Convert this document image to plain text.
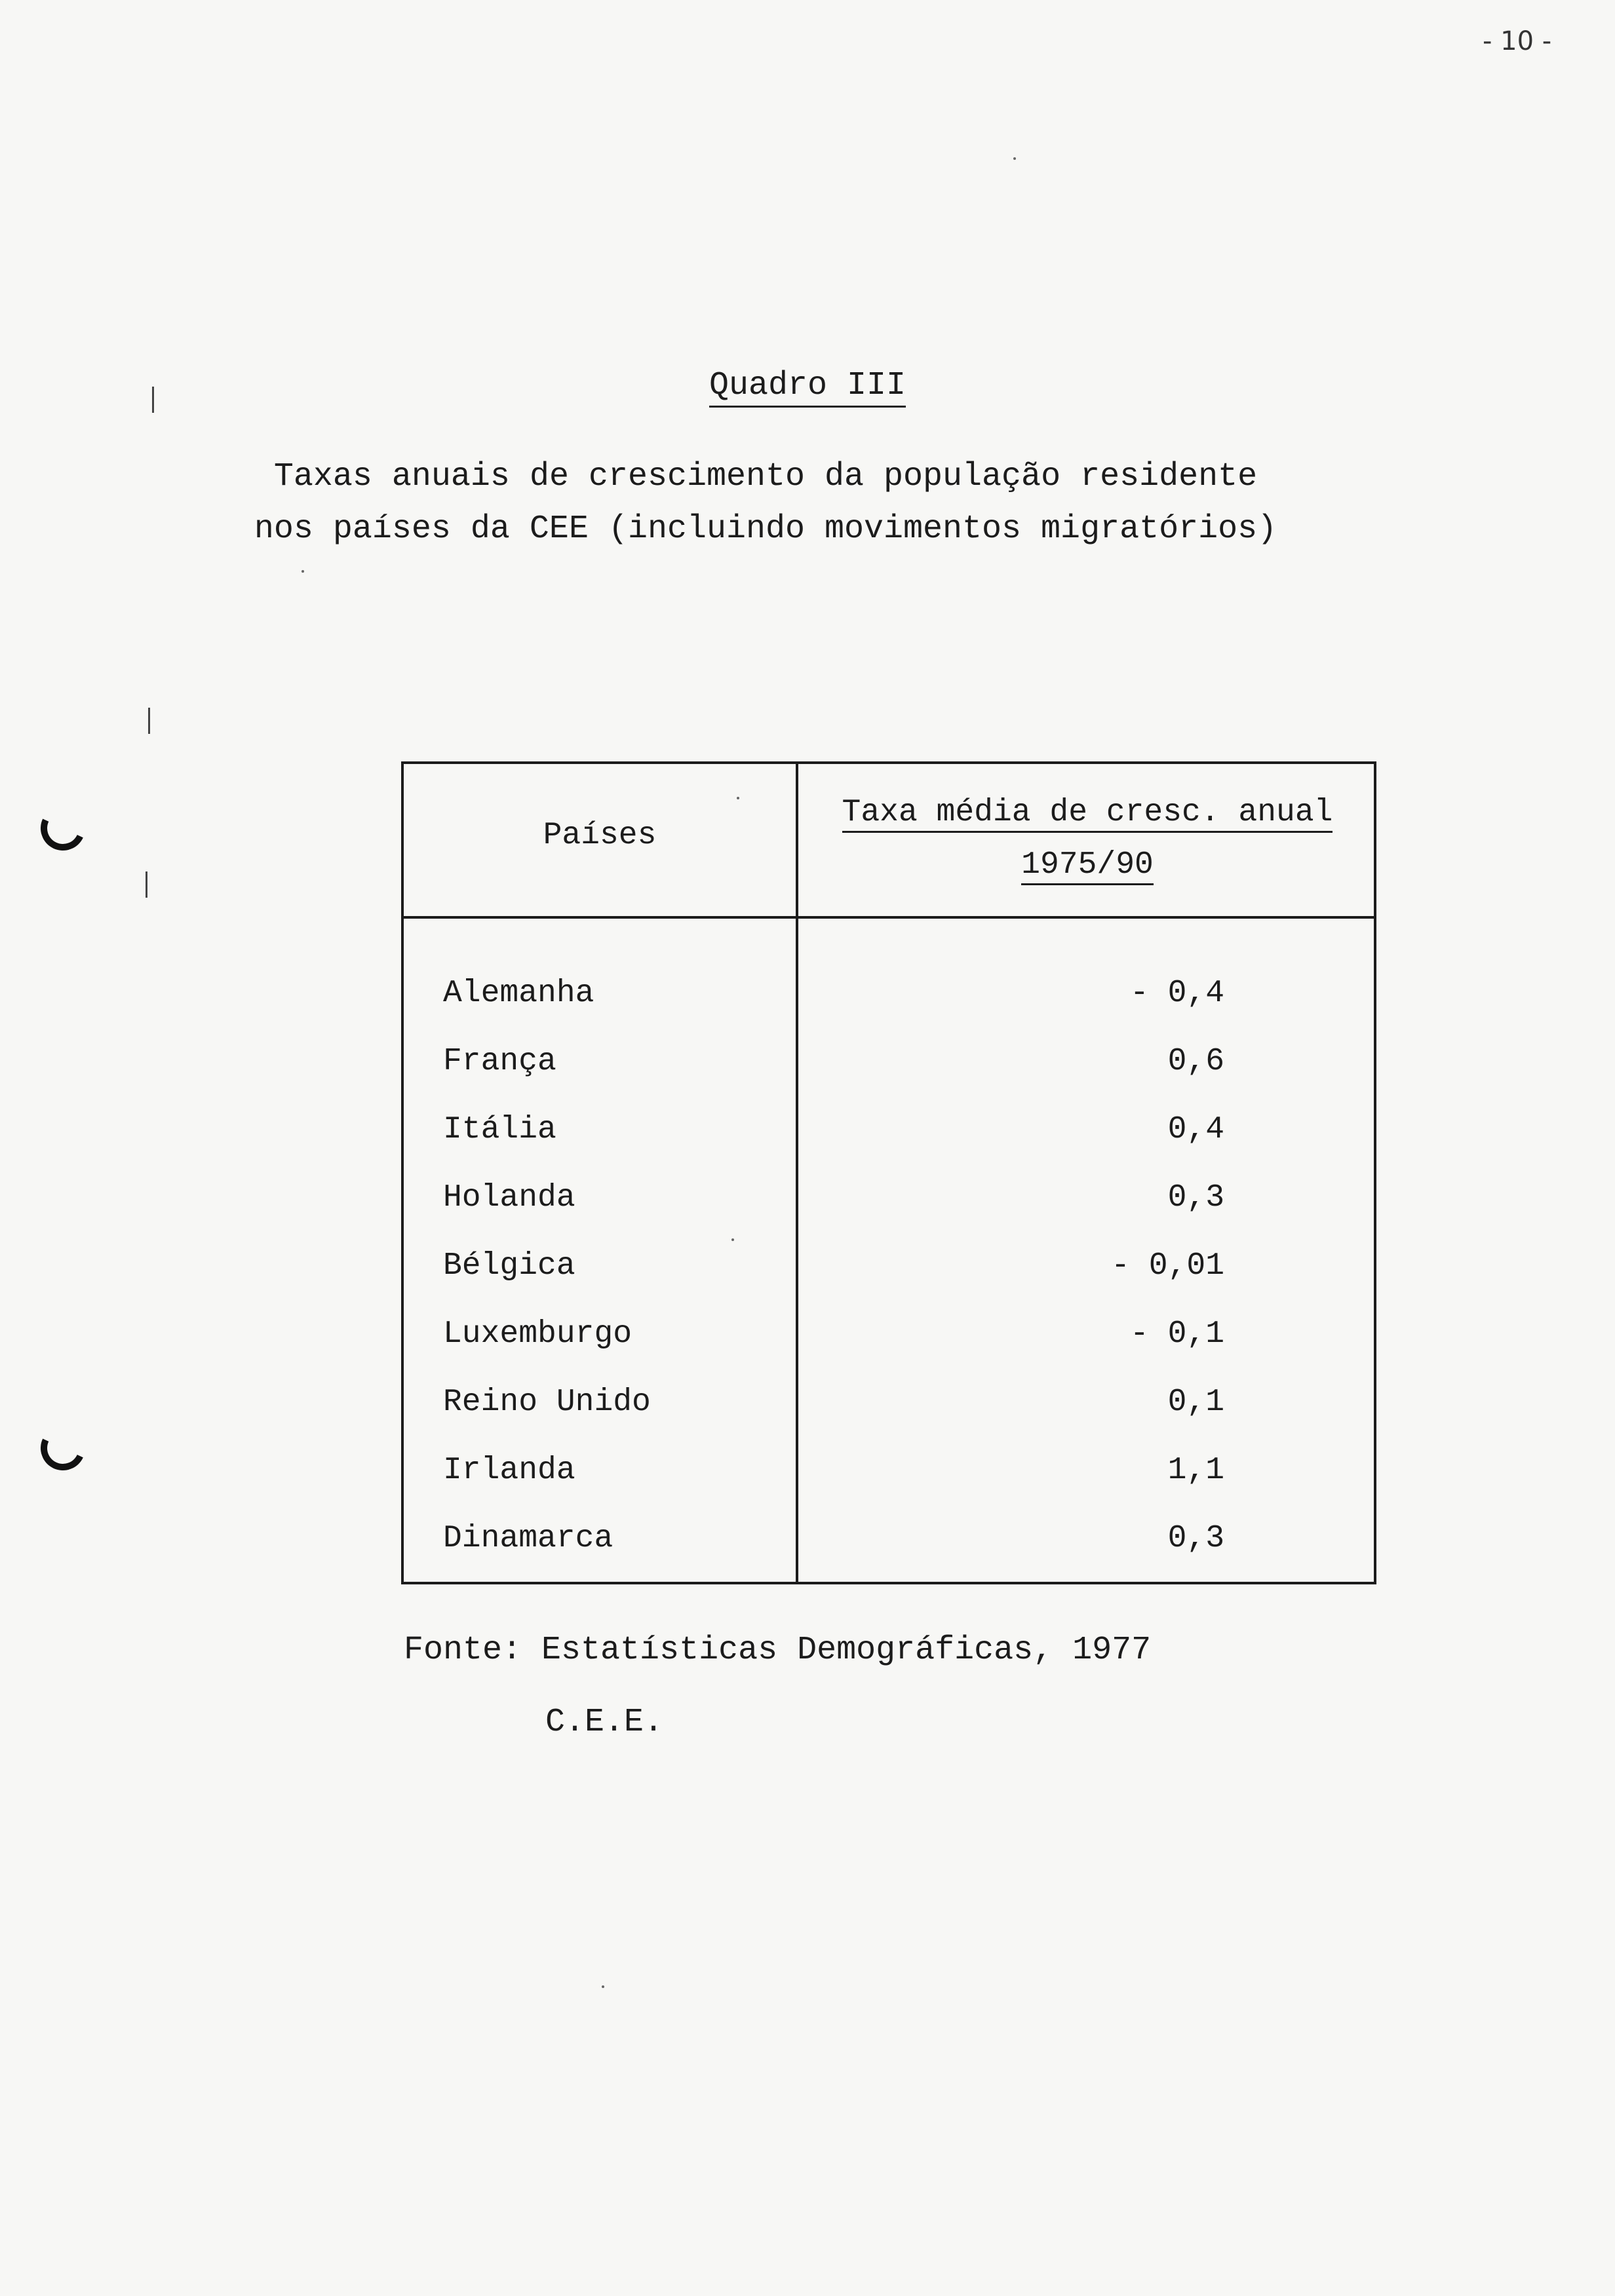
- 10 -
Quadro III
Taxas anuais de crescimento da população residente
nos países da CEE (incluindo movimentos migratórios)
Países
Taxa média de cresc. anual
1975/90
Alemanha	- 0,4
França	0,6
Itália	0,4
Holanda	0,3
Bélgica	- 0,01
Luxemburgo	- 0,1
Reino Unido	0,1
Irlanda	1,1
Dinamarca	0,3
Fonte: Estatísticas Demográficas, 1977
C.E.E.
